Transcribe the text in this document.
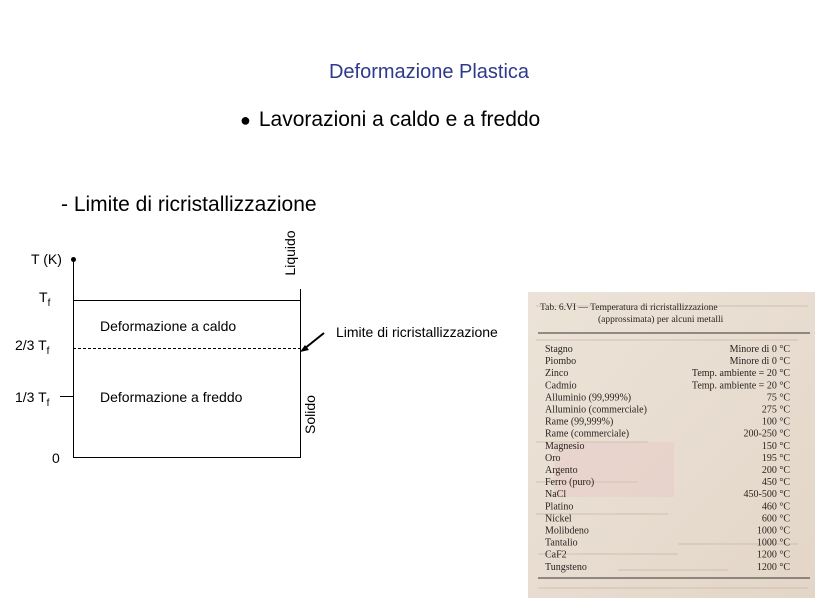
Deformazione Plastica
● Lavorazioni a caldo e a freddo
- Limite di ricristallizzazione
T (K)
$T_f$
2/3 $T_f$
1/3 $T_f$
0
Deformazione a caldo
Deformazione a freddo
Liquido
Solido
Limite di ricristallizzazione
Tab. 6.VI — Temperatura di ricristallizzazione
(approssimata) per alcuni metalli
Stagno	Minore di 0 °C
Piombo	Minore di 0 °C
Zinco	Temp. ambiente = 20 °C
Cadmio	Temp. ambiente = 20 °C
Alluminio (99,999%)	75 °C
Alluminio (commerciale)	275 °C
Rame (99,999%)	100 °C
Rame (commerciale)	200-250 °C
Magnesio	150 °C
Oro	195 °C
Argento	200 °C
Ferro (puro)	450 °C
NaCl	450-500 °C
Platino	460 °C
Nickel	600 °C
Molibdeno	1000 °C
Tantalio	1000 °C
CaF2	1200 °C
Tungsteno	1200 °C
